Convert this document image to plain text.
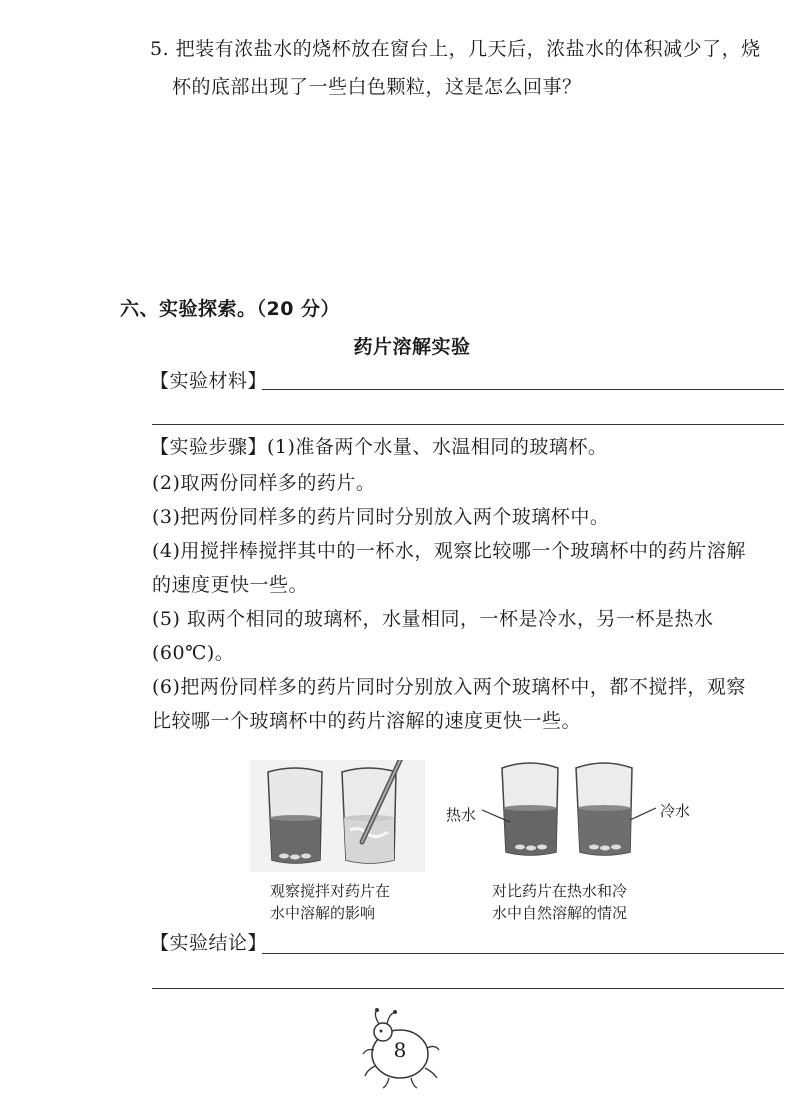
5. 把装有浓盐水的烧杯放在窗台上，几天后，浓盐水的体积减少了，烧
杯的底部出现了一些白色颗粒，这是怎么回事？
六、实验探索。（20 分）
药片溶解实验
【实验材料】
【实验步骤】(1)准备两个水量、水温相同的玻璃杯。
(2)取两份同样多的药片。
(3)把两份同样多的药片同时分别放入两个玻璃杯中。
(4)用搅拌棒搅拌其中的一杯水，观察比较哪一个玻璃杯中的药片溶解
的速度更快一些。
(5) 取两个相同的玻璃杯，水量相同，一杯是冷水，另一杯是热水
(60℃)。
(6)把两份同样多的药片同时分别放入两个玻璃杯中，都不搅拌，观察
比较哪一个玻璃杯中的药片溶解的速度更快一些。
热水	冷水
观察搅拌对药片在
水中溶解的影响
对比药片在热水和冷
水中自然溶解的情况
【实验结论】
8
